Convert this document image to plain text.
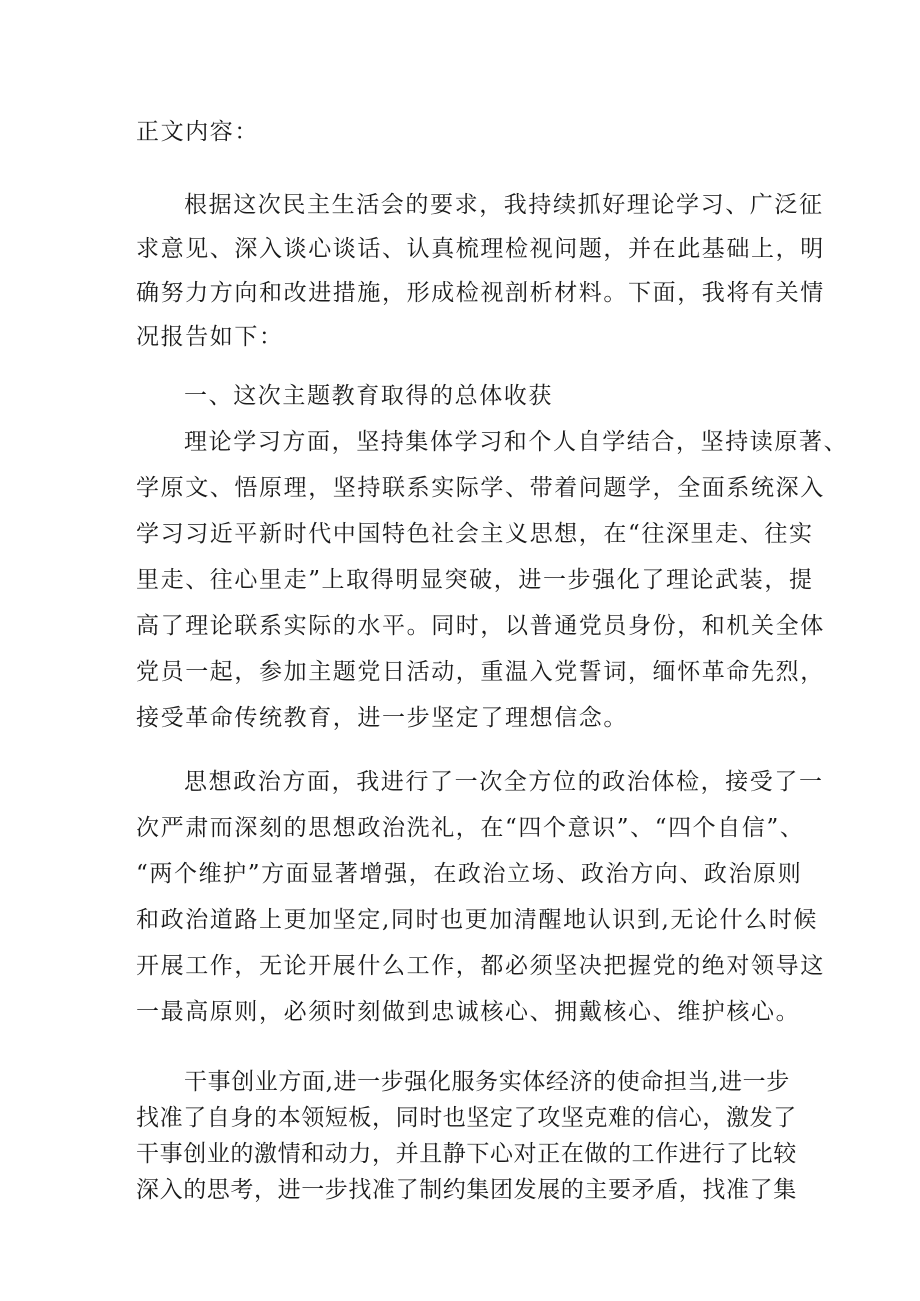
正文内容：
根据这次民主生活会的要求，我持续抓好理论学习、广泛征
求意见、深入谈心谈话、认真梳理检视问题，并在此基础上，明
确努力方向和改进措施，形成检视剖析材料。下面，我将有关情
况报告如下：
一、这次主题教育取得的总体收获
理论学习方面，坚持集体学习和个人自学结合，坚持读原著、
学原文、悟原理，坚持联系实际学、带着问题学，全面系统深入
学习习近平新时代中国特色社会主义思想，在“往深里走、往实
里走、往心里走”上取得明显突破，进一步强化了理论武装，提
高了理论联系实际的水平。同时，以普通党员身份，和机关全体
党员一起，参加主题党日活动，重温入党誓词，缅怀革命先烈，
接受革命传统教育，进一步坚定了理想信念。
思想政治方面，我进行了一次全方位的政治体检，接受了一
次严肃而深刻的思想政治洗礼，在“四个意识”、“四个自信”、
“两个维护”方面显著增强，在政治立场、政治方向、政治原则
和政治道路上更加坚定,同时也更加清醒地认识到,无论什么时候
开展工作，无论开展什么工作，都必须坚决把握党的绝对领导这
一最高原则，必须时刻做到忠诚核心、拥戴核心、维护核心。
干事创业方面,进一步强化服务实体经济的使命担当,进一步
找准了自身的本领短板，同时也坚定了攻坚克难的信心，激发了
干事创业的激情和动力，并且静下心对正在做的工作进行了比较
深入的思考，进一步找准了制约集团发展的主要矛盾，找准了集
